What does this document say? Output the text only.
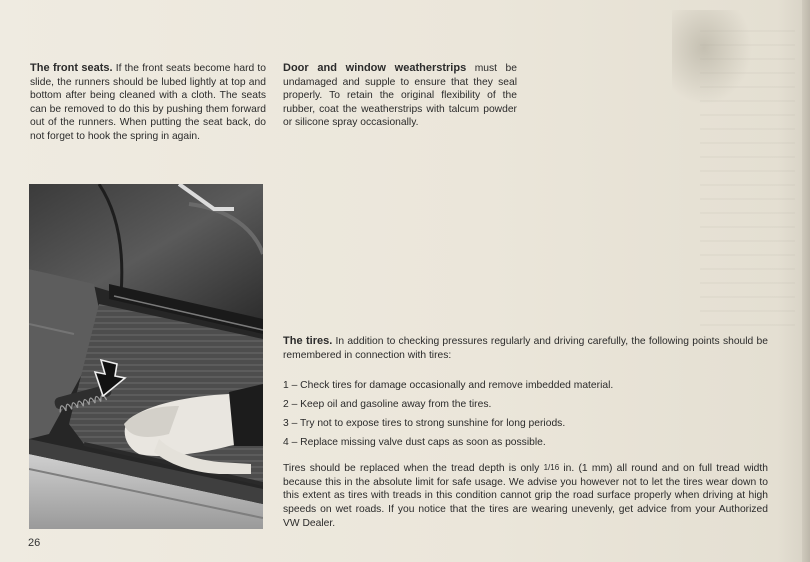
The front seats. If the front seats become hard to slide, the runners should be lubed lightly at top and bottom after being cleaned with a cloth. The seats can be removed to do this by pushing them forward out of the runners. When putting the seat back, do not forget to hook the spring in again.

Door and window weatherstrips must be undamaged and supple to ensure that they seal properly. To retain the original flexibility of the rubber, coat the weatherstrips with talcum powder or silicone spray occasionally.

The tires. In addition to checking pressures regularly and driving carefully, the following points should be remembered in connection with tires:

1 – Check tires for damage occasionally and remove imbedded material.

2 – Keep oil and gasoline away from the tires.

3 – Try not to expose tires to strong sunshine for long periods.

4 – Replace missing valve dust caps as soon as possible.

Tires should be replaced when the tread depth is only 1/16 in. (1 mm) all round and on full tread width because this in the absolute limit for safe usage. We advise you however not to let the tires wear down to this extent as tires with treads in this condition cannot grip the road surface properly when driving at high speeds on wet roads. If you notice that the tires are wearing unevenly, get advice from your Authorized VW Dealer.

26
